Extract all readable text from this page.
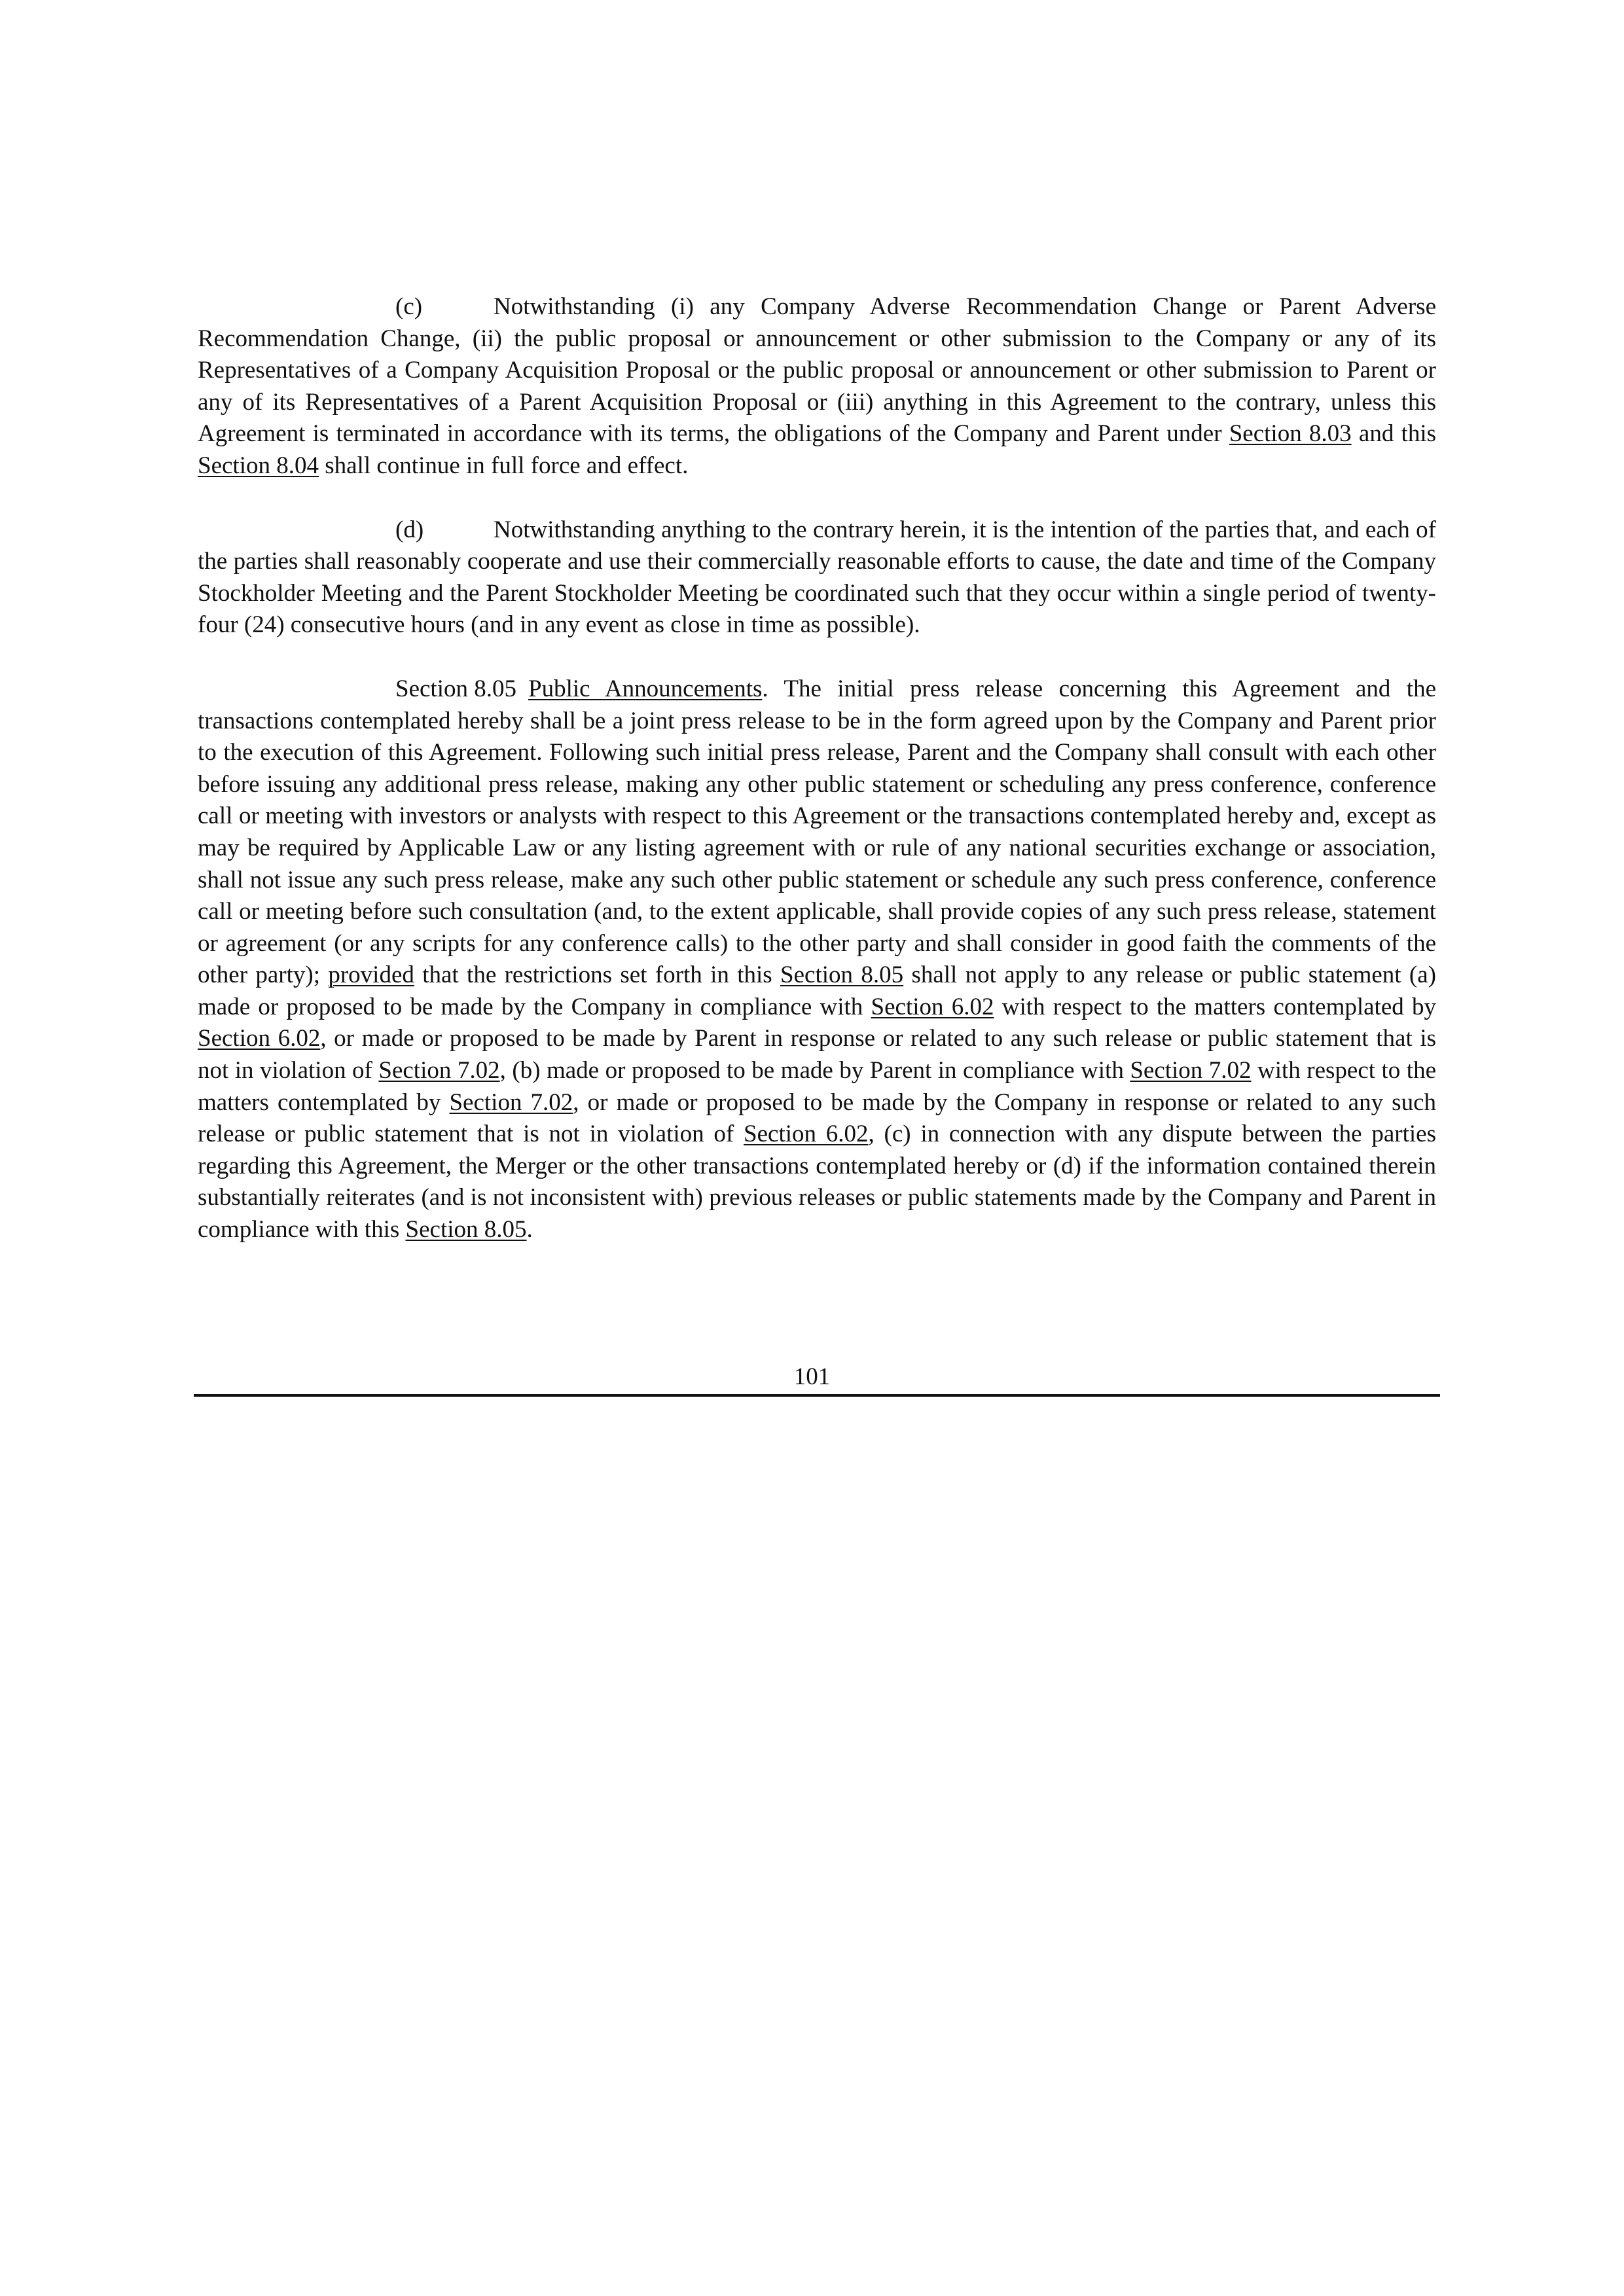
(c)	Notwithstanding (i) any Company Adverse Recommendation Change or Parent Adverse Recommendation Change, (ii) the public proposal or announcement or other submission to the Company or any of its Representatives of a Company Acquisition Proposal or the public proposal or announcement or other submission to Parent or any of its Representatives of a Parent Acquisition Proposal or (iii) anything in this Agreement to the contrary, unless this Agreement is terminated in accordance with its terms, the obligations of the Company and Parent under Section 8.03 and this Section 8.04 shall continue in full force and effect.

(d)	Notwithstanding anything to the contrary herein, it is the intention of the parties that, and each of the parties shall reasonably cooperate and use their commercially reasonable efforts to cause, the date and time of the Company Stockholder Meeting and the Parent Stockholder Meeting be coordinated such that they occur within a single period of twenty-four (24) consecutive hours (and in any event as close in time as possible).

Section 8.05 Public Announcements. The initial press release concerning this Agreement and the transactions contemplated hereby shall be a joint press release to be in the form agreed upon by the Company and Parent prior to the execution of this Agreement. Following such initial press release, Parent and the Company shall consult with each other before issuing any additional press release, making any other public statement or scheduling any press conference, conference call or meeting with investors or analysts with respect to this Agreement or the transactions contemplated hereby and, except as may be required by Applicable Law or any listing agreement with or rule of any national securities exchange or association, shall not issue any such press release, make any such other public statement or schedule any such press conference, conference call or meeting before such consultation (and, to the extent applicable, shall provide copies of any such press release, statement or agreement (or any scripts for any conference calls) to the other party and shall consider in good faith the comments of the other party); provided that the restrictions set forth in this Section 8.05 shall not apply to any release or public statement (a) made or proposed to be made by the Company in compliance with Section 6.02 with respect to the matters contemplated by Section 6.02, or made or proposed to be made by Parent in response or related to any such release or public statement that is not in violation of Section 7.02, (b) made or proposed to be made by Parent in compliance with Section 7.02 with respect to the matters contemplated by Section 7.02, or made or proposed to be made by the Company in response or related to any such release or public statement that is not in violation of Section 6.02, (c) in connection with any dispute between the parties regarding this Agreement, the Merger or the other transactions contemplated hereby or (d) if the information contained therein substantially reiterates (and is not inconsistent with) previous releases or public statements made by the Company and Parent in compliance with this Section 8.05.

101
